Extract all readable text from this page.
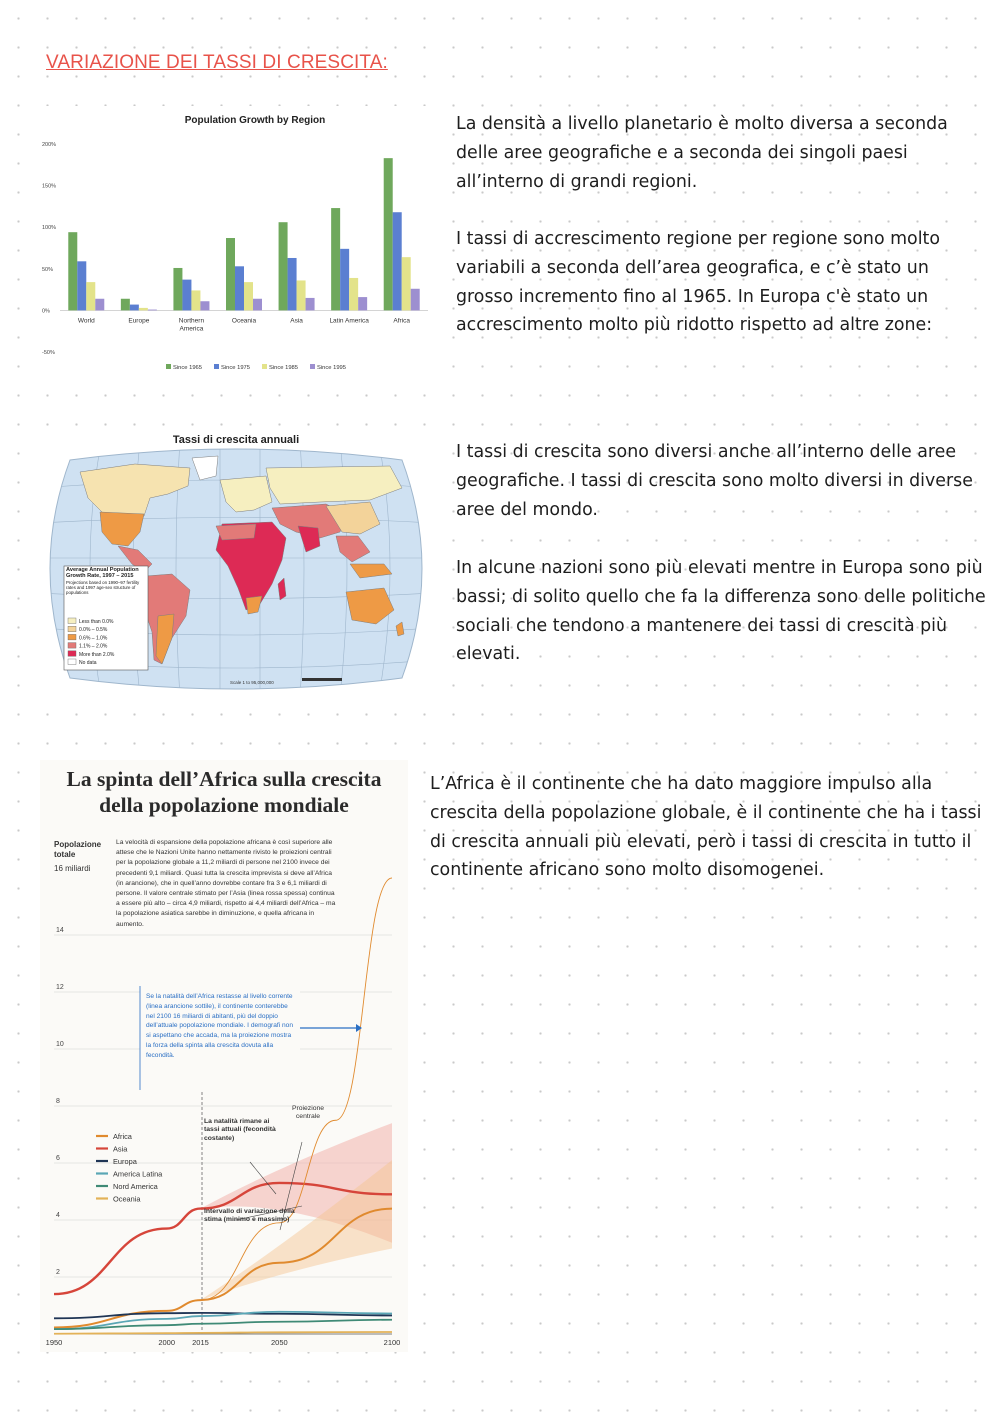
VARIAZIONE DEI TASSI DI CRESCITA:
Population Growth by Region
200%
150%
100%
50%
0%
-50%
World	Europe	Northern
America
Oceania	Asia	Latin America	Africa
Since 1965	Since 1975	Since 1985	Since 1995

La densità a livello planetario è molto diversa a seconda delle aree geografiche e a seconda dei singoli paesi all’interno di grandi regioni.

I tassi di accrescimento regione per regione sono molto variabili a seconda dell’area geografica, e c’è stato un grosso incremento fino al 1965. In Europa c'è stato un accrescimento molto più ridotto rispetto ad altre zone:

Tassi di crescita annuali
Average Annual Population Growth Rate, 1997 – 2015
Projections based on 1990–97 fertility rates and 1997 age-sex structure of populations
Less than 0.0%
0.0% – 0.5%
0.6% – 1.0%
1.1% – 2.0%
More than 2.0%
No data
Scale 1 to 95,000,000

I tassi di crescita sono diversi anche all’interno delle aree geografiche. I tassi di crescita sono molto diversi in diverse aree del mondo.

In alcune nazioni sono più elevati mentre in Europa sono più bassi; di solito quello che fa la differenza sono delle politiche sociali che tendono a mantenere dei tassi di crescità più elevati.

La spinta dell’Africa sulla crescita della popolazione mondiale
Popolazione totale
16 miliardi
La velocità di espansione della popolazione africana è così superiore alle attese che le Nazioni Unite hanno nettamente rivisto le proiezioni centrali per la popolazione globale a 11,2 miliardi di persone nel 2100 invece dei precedenti 9,1 miliardi. Quasi tutta la crescita imprevista si deve all’Africa (in arancione), che in quell’anno dovrebbe contare fra 3 e 6,1 miliardi di persone. Il valore centrale stimato per l’Asia (linea rossa spessa) continua a essere più alto – circa 4,9 miliardi, rispetto ai 4,4 miliardi dell’Africa – ma la popolazione asiatica sarebbe in diminuzione, e quella africana in aumento.
2
4
6
8
10
12
14
1950	2000 2015	2050	2100
Africa
Asia
Europa
America Latina
Nord America
Oceania
Se la natalità dell’Africa restasse al livello corrente (linea arancione sottile), il continente conterebbe nel 2100 16 miliardi di abitanti, più del doppio dell’attuale popolazione mondiale. I demografi non si aspettano che accada, ma la proiezione mostra la forza della spinta alla crescita dovuta alla fecondità.
La natalità rimane ai tassi attuali (fecondità costante)
Proiezione centrale
Intervallo di variazione della stima (minimo e massimo)

L’Africa è il continente che ha dato maggiore impulso alla crescita della popolazione globale, è il continente che ha i tassi di crescita annuali più elevati, però i tassi di crescita in tutto il continente africano sono molto disomogenei.
